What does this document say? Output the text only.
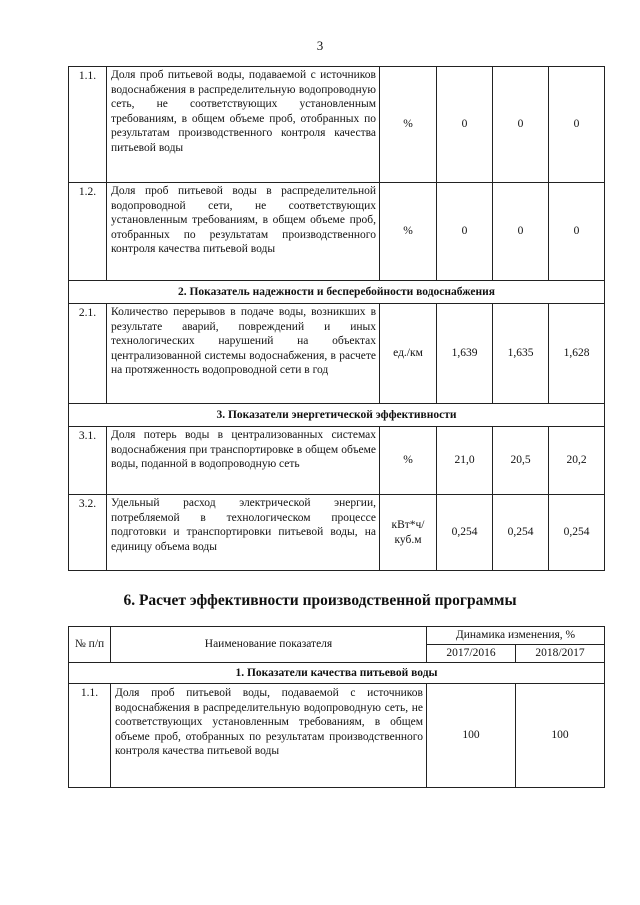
3
1.1.	Доля проб питьевой воды, подаваемой с источников водоснабжения в распределительную водопроводную сеть, не соответствующих установленным требованиям, в общем объеме проб, отобранных по результатам производственного контроля качества питьевой воды	%	0	0	0
1.2.	Доля проб питьевой воды в распределительной водопроводной сети, не соответствующих установленным требованиям, в общем объеме проб, отобранных по результатам производственного контроля качества питьевой воды	%	0	0	0
2. Показатель надежности и бесперебойности водоснабжения					
2.1.	Количество перерывов в подаче воды, возникших в результате аварий, повреждений и иных технологических нарушений на объектах централизованной системы водоснабжения, в расчете на протяженность водопроводной сети в год	ед./км	1,639	1,635	1,628
3. Показатели энергетической эффективности					
3.1.	Доля потерь воды в централизованных системах водоснабжения при транспортировке в общем объеме воды, поданной в водопроводную сеть	%	21,0	20,5	20,2
3.2.	Удельный расход электрической энергии, потребляемой в технологическом процессе подготовки и транспортировки питьевой воды, на единицу объема воды	кВт*ч/ куб.м	0,254	0,254	0,254
6. Расчет эффективности производственной программы
№ п/п	Наименование показателя	Динамика изменения, %	
		2017/2016	2018/2017
1. Показатели качества питьевой воды			
1.1.	Доля проб питьевой воды, подаваемой с источников водоснабжения в распределительную водопроводную сеть, не соответствующих установленным требованиям, в общем объеме проб, отобранных по результатам производственного контроля качества питьевой воды	100	100
